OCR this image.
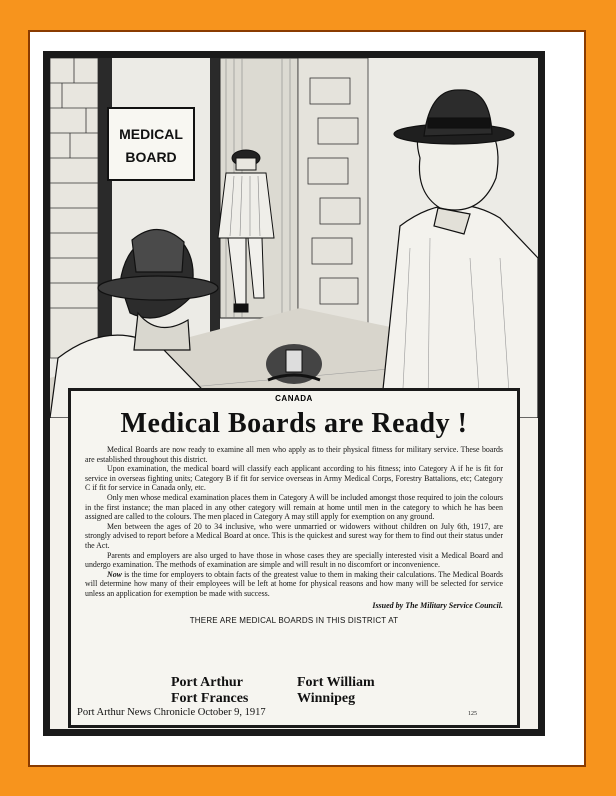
MEDICAL
BOARD
CANADA
Medical Boards are Ready !

Medical Boards are now ready to examine all men who apply as to their physical fitness for military service. These boards are established throughout this district.

Upon examination, the medical board will classify each applicant according to his fitness; into Category A if he is fit for service in overseas fighting units; Category B if fit for service overseas in Army Medical Corps, Forestry Battalions, etc; Category C if fit for service in Canada only, etc.

Only men whose medical examination places them in Category A will be included amongst those required to join the colours in the first instance; the man placed in any other category will remain at home until men in the category to which he has been assigned are called to the colours. The men placed in Category A may still apply for exemption on any ground.

Men between the ages of 20 to 34 inclusive, who were unmarried or widowers without children on July 6th, 1917, are strongly advised to report before a Medical Board at once. This is the quickest and surest way for them to find out their status under the Act.

Parents and employers are also urged to have those in whose cases they are specially interested visit a Medical Board and undergo examination. The methods of examination are simple and will result in no discomfort or inconvenience.

Now is the time for employers to obtain facts of the greatest value to them in making their calculations. The Medical Boards will determine how many of their employees will be left at home for physical reasons and how many will be selected for service unless an application for exemption be made with success.

Issued by The Military Service Council.
THERE ARE MEDICAL BOARDS IN THIS DISTRICT AT
Port Arthur	Fort William
Fort Frances	Winnipeg
Port Arthur News Chronicle October 9, 1917	125
